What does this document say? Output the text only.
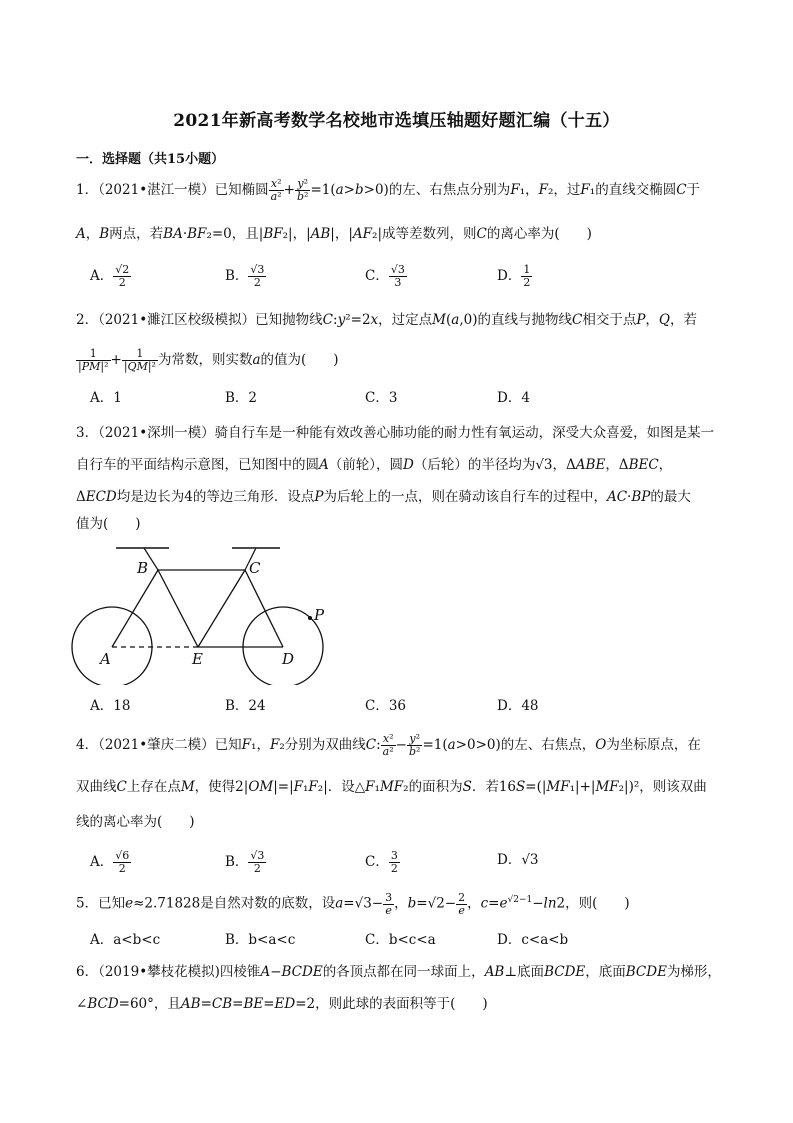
2021年新高考数学名校地市选填压轴题好题汇编（十五）
一．选择题（共15小题）
1．（2021•湛江一模）已知椭圆 $\frac{\text{x²}}{\text{a²}} + \frac{\text{y²}}{\text{b²}} =1(a>b>0)$的左、右焦点分别为F₁，F₂，过F₁的直线交椭圆C于
A，B两点，若BA·BF₂=0，且|BF₂|，|AB|，|AF₂|成等差数列，则C的离心率为(　　)
A． $\frac{√2}{2}$	B． $\frac{√3}{2}$	C． $\frac{√3}{3}$	D． $\frac{1}{2}$
2．（2021•濉江区校级模拟）已知抛物线C:y²=2x，过定点M(a,0)的直线与抛物线C相交于点P，Q，若
$\frac{1}{\text{|PM|²}} + \frac{1}{\text{|QM|²}}$ 为常数，则实数a的值为(　　)
A．1	B．2	C．3	D．4
3．（2021•深圳一模）骑自行车是一种能有效改善心肺功能的耐力性有氧运动，深受大众喜爱，如图是某一
自行车的平面结构示意图，已知图中的圆A（前轮），圆D（后轮）的半径均为√3，ΔABE，ΔBEC，
ΔECD均是边长为4的等边三角形．设点P为后轮上的一点，则在骑动该自行车的过程中，AC·BP的最大
值为(　　)
B	C
P
A	E	D
A．18	B．24	C．36	D．48
4．（2021•肇庆二模）已知F₁，F₂分别为双曲线C: $\frac{\text{x²}}{\text{a²}} - \frac{\text{y²}}{\text{b²}} =1(a>0>0)$的左、右焦点，O为坐标原点，在
双曲线C上存在点M，使得2|OM|=|F₁F₂|．设△F₁MF₂的面积为S．若16S=(|MF₁|+|MF₂|)²，则该双曲
线的离心率为(　　)
A． $\frac{√6}{2}$	B． $\frac{√3}{2}$	C． $\frac{3}{2}$	D．√3
5．已知e≈2.71828是自然对数的底数，设$a=√3- \frac{3}{e}$ ，$b=√2- \frac{2}{e}$ ，$c=e^{√2-1}-\ln 2$，则(　　)
A．a<b<c	B．b<a<c	C．b<c<a	D．c<a<b
6．（2019•攀枝花模拟)四棱锥A−BCDE的各顶点都在同一球面上，AB⊥底面BCDE，底面BCDE为梯形，
∠BCD=60°，且AB=CB=BE=ED=2，则此球的表面积等于(　　)
